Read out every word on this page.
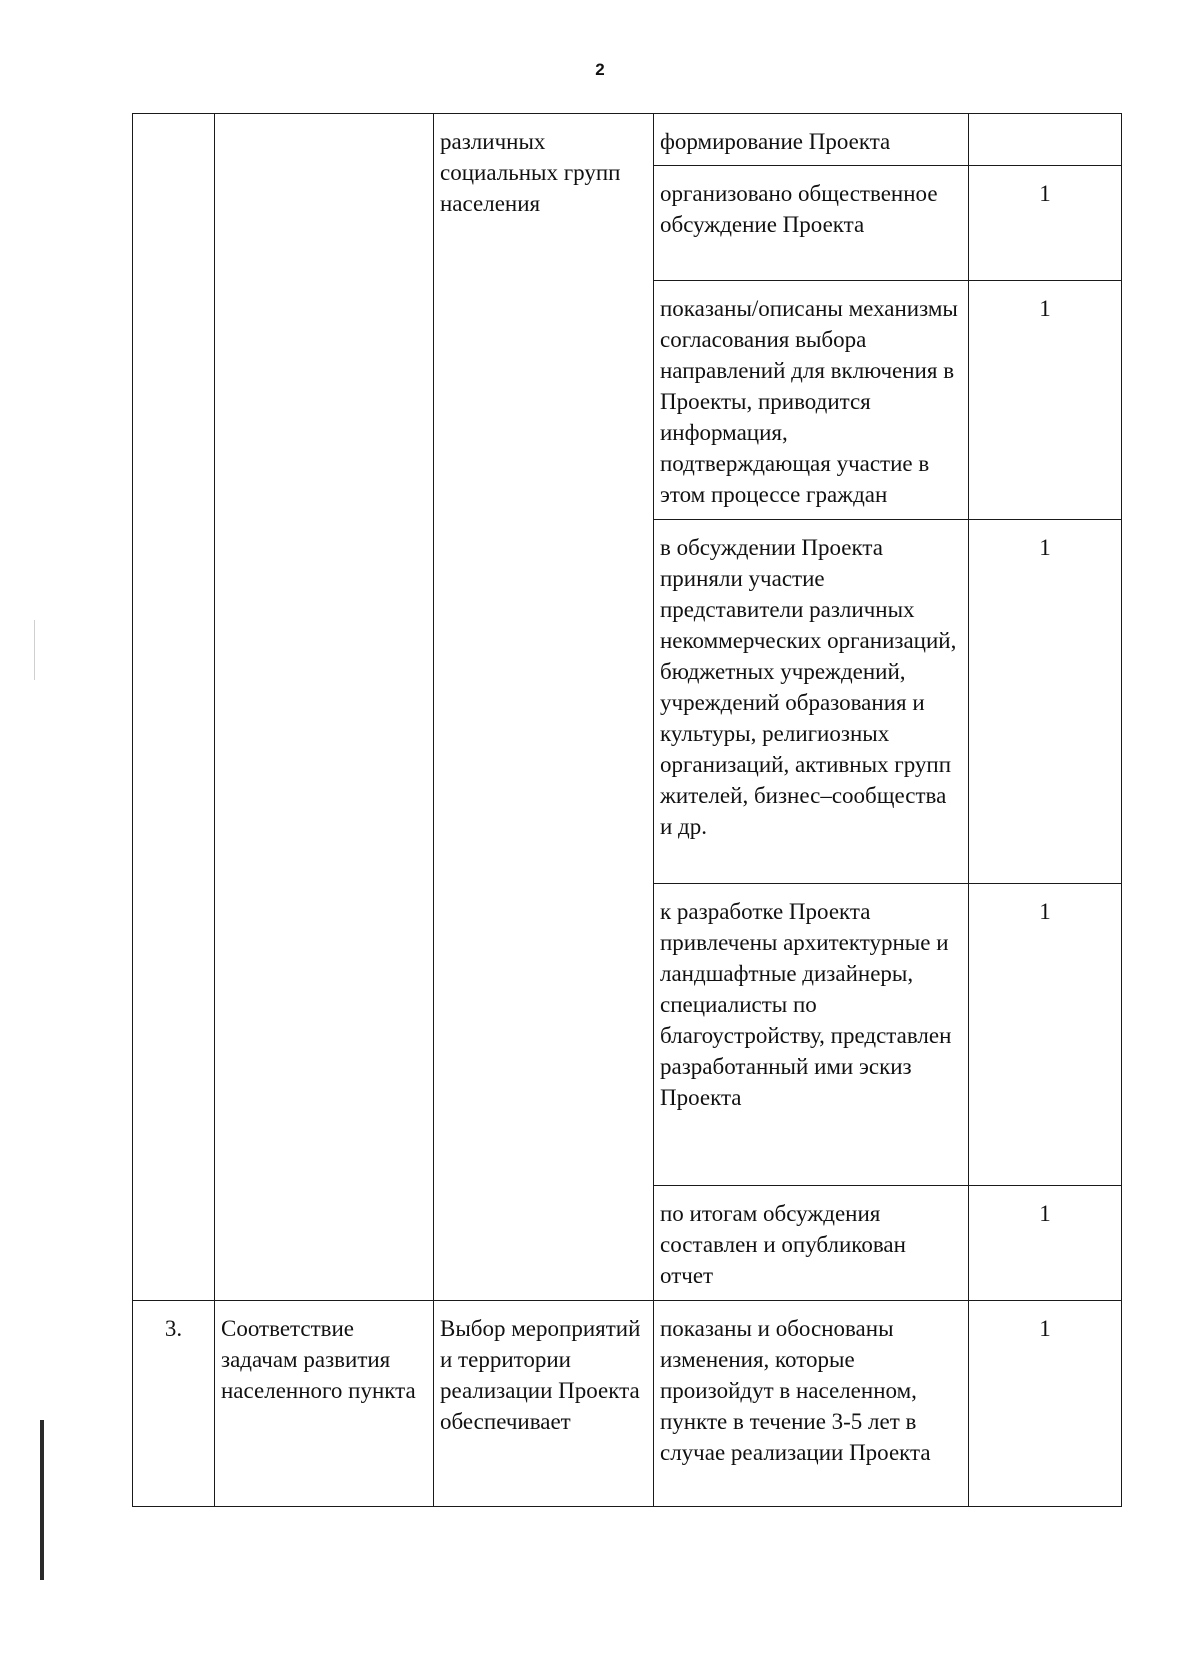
2
		различных социальных групп населения	формирование Проекта	
			организовано общественное обсуждение Проекта	1
			показаны/описаны механизмы согласования выбора направлений для включения в Проекты, приводится информация, подтверждающая участие в этом процессе граждан	1
			в обсуждении Проекта приняли участие представители различных некоммерческих организаций, бюджетных учреждений, учреждений образования и культуры, религиозных организаций, активных групп жителей, бизнес–сообщества и др.	1
			к разработке Проекта привлечены архитектурные и ландшафтные дизайнеры, специалисты по благоустройству, представлен разработанный ими эскиз Проекта	1
			по итогам обсуждения составлен и опубликован отчет	1
3.	Соответствие задачам развития населенного пункта	Выбор мероприятий и территории реализации Проекта обеспечивает	показаны и обоснованы изменения, которые произойдут в населенном, пункте в течение 3-5 лет в случае реализации Проекта	1
